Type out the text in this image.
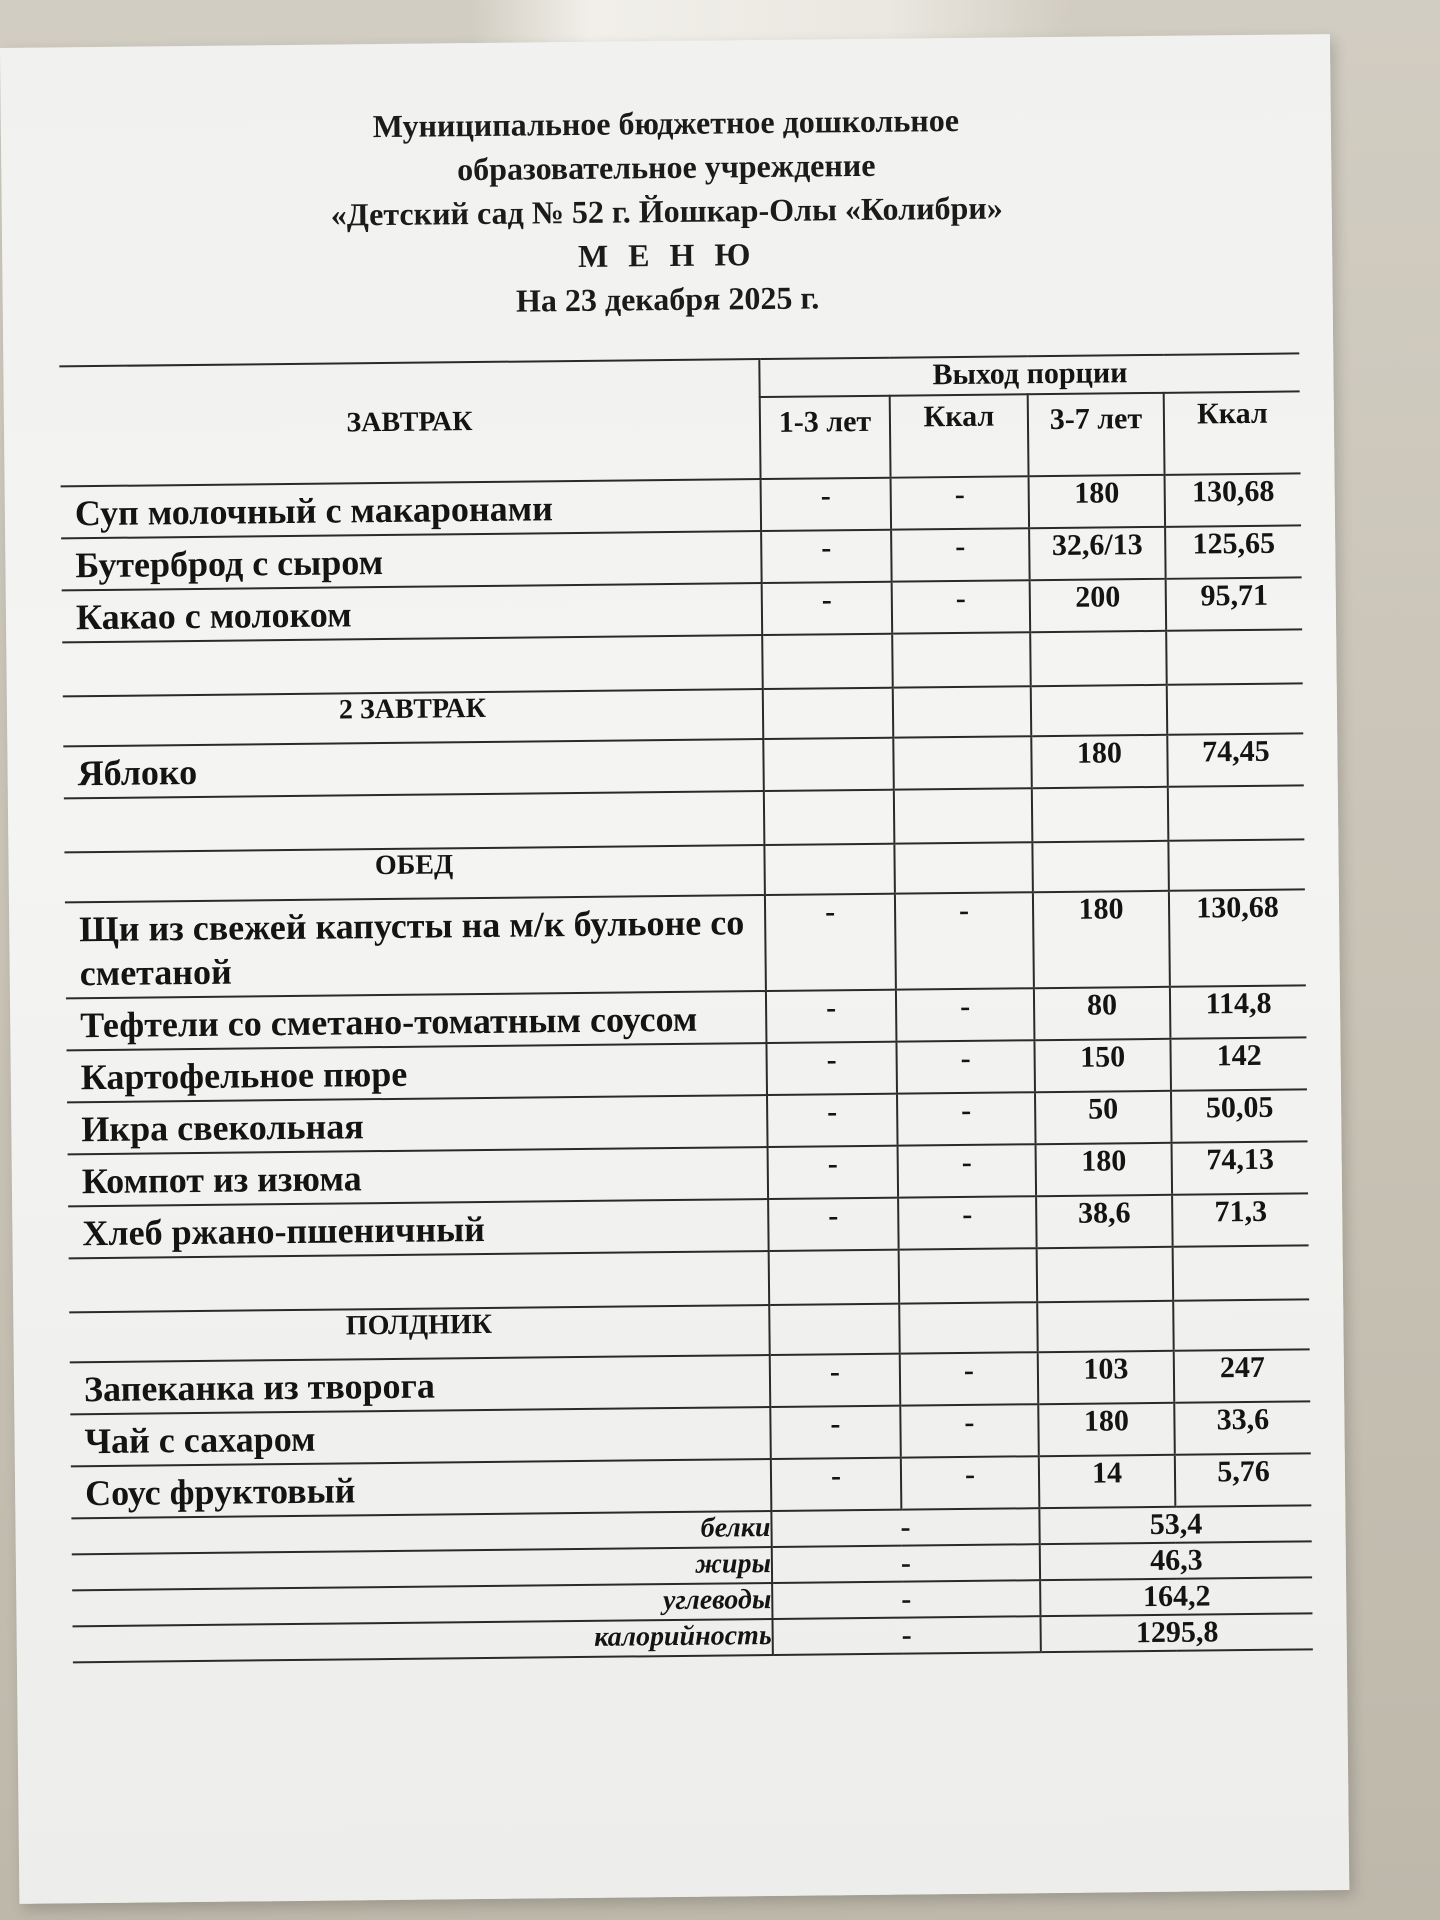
Муниципальное бюджетное дошкольное
образовательное учреждение
«Детский сад № 52 г. Йошкар-Олы «Колибри»
М Е Н Ю
На 23 декабря 2025 г.
ЗАВТРАК	Выход порции			
	1-3 лет	Ккал	3-7 лет	Ккал

Суп молочный с макаронами	-	-	180	130,68

Бутерброд с сыром	-	-	32,6/13	125,65

Какао с молоком	-	-	200	95,71

2 ЗАВТРАК				

Яблоко			180	74,45

ОБЕД				

Щи из свежей капусты на м/к бульоне со сметаной	-	-	180	130,68

Тефтели со сметано-томатным соусом	-	-	80	114,8

Картофельное пюре	-	-	150	142

Икра свекольная	-	-	50	50,05

Компот из изюма	-	-	180	74,13

Хлеб ржано-пшеничный	-	-	38,6	71,3

ПОЛДНИК				

Запеканка из творога	-	-	103	247

Чай с сахаром	-	-	180	33,6

Соус фруктовый	-	-	14	5,76
белки	-		53,4	
жиры	-		46,3	
углеводы	-		164,2	
калорийность	-		1295,8	
